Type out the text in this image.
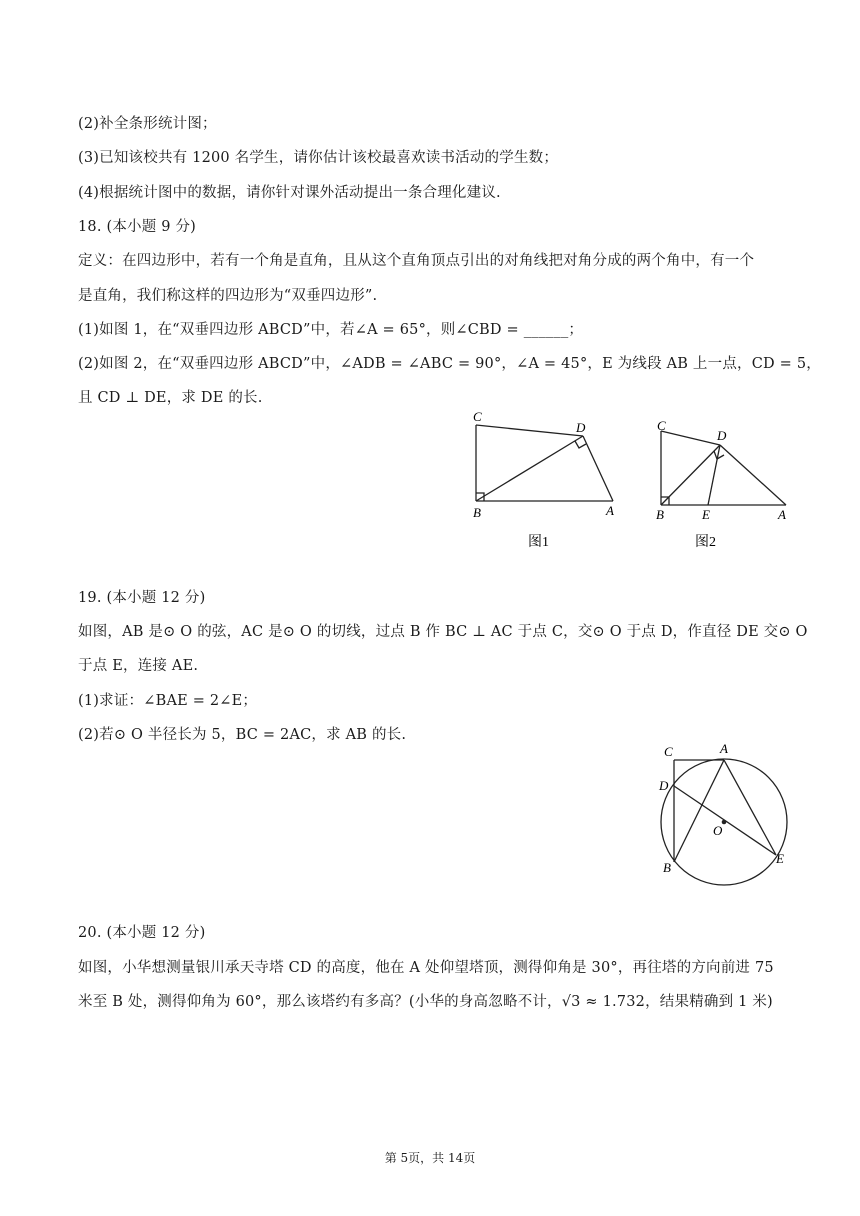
(2)补全条形统计图；
(3)已知该校共有 1200 名学生，请你估计该校最喜欢读书活动的学生数；
(4)根据统计图中的数据，请你针对课外活动提出一条合理化建议.
18. (本小题 9 分)
定义：在四边形中，若有一个角是直角，且从这个直角顶点引出的对角线把对角分成的两个角中，有一个
是直角，我们称这样的四边形为“双垂四边形”.
(1)如图 1，在“双垂四边形 ABCD”中，若∠A = 65°，则∠CBD = ______；
(2)如图 2，在“双垂四边形 ABCD”中，∠ADB = ∠ABC = 90°，∠A = 45°，E 为线段 AB 上一点，CD = 5，
且 CD ⊥ DE，求 DE 的长.
C
D
B	A
图1
C
D
B	E	A
图2
19. (本小题 12 分)
如图，AB 是⊙ O 的弦，AC 是⊙ O 的切线，过点 B 作 BC ⊥ AC 于点 C，交⊙ O 于点 D，作直径 DE 交⊙ O
于点 E，连接 AE.
(1)求证：∠BAE = 2∠E；
(2)若⊙ O 半径长为 5，BC = 2AC，求 AB 的长.
C	A
D
O
B
E
20. (本小题 12 分)
如图，小华想测量银川承天寺塔 CD 的高度，他在 A 处仰望塔顶，测得仰角是 30°，再往塔的方向前进 75
米至 B 处，测得仰角为 60°，那么该塔约有多高？(小华的身高忽略不计，√3 ≈ 1.732，结果精确到 1 米)
第 5页，共 14页
